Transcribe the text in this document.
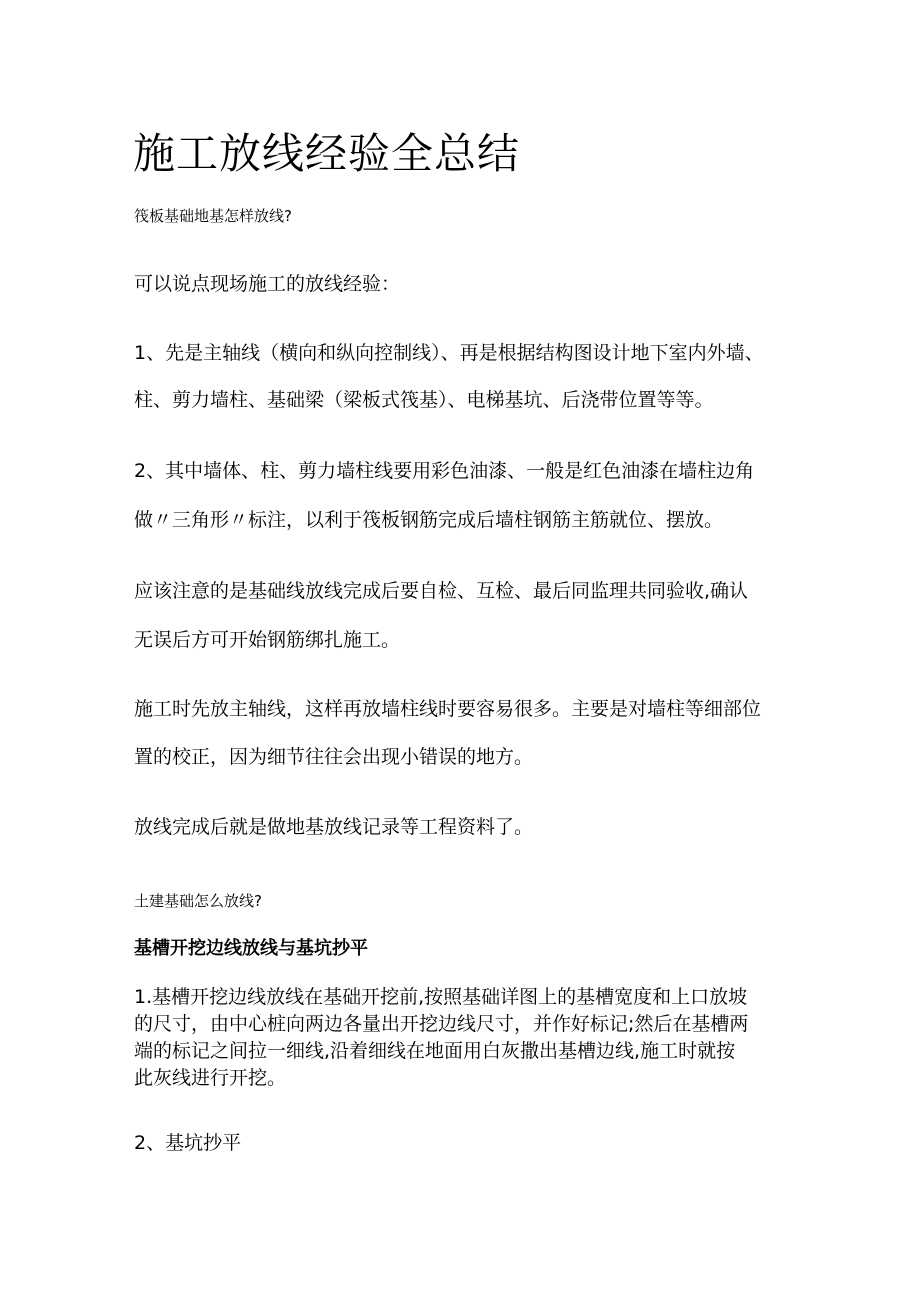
施工放线经验全总结

筏板基础地基怎样放线?

可以说点现场施工的放线经验：

1、先是主轴线（横向和纵向控制线）、再是根据结构图设计地下室内外墙、

柱、剪力墙柱、基础梁（梁板式筏基）、电梯基坑、后浇带位置等等。

2、其中墙体、柱、剪力墙柱线要用彩色油漆、一般是红色油漆在墙柱边角

做〃三角形〃标注，以利于筏板钢筋完成后墙柱钢筋主筋就位、摆放。

应该注意的是基础线放线完成后要自检、互检、最后同监理共同验收,确认

无误后方可开始钢筋绑扎施工。

施工时先放主轴线，这样再放墙柱线时要容易很多。主要是对墙柱等细部位

置的校正，因为细节往往会出现小错误的地方。

放线完成后就是做地基放线记录等工程资料了。

土建基础怎么放线?

基槽开挖边线放线与基坑抄平

1.基槽开挖边线放线在基础开挖前,按照基础详图上的基槽宽度和上口放坡

的尺寸，由中心桩向两边各量出开挖边线尺寸，并作好标记;然后在基槽两

端的标记之间拉一细线,沿着细线在地面用白灰撒出基槽边线,施工时就按

此灰线进行开挖。

2、基坑抄平
